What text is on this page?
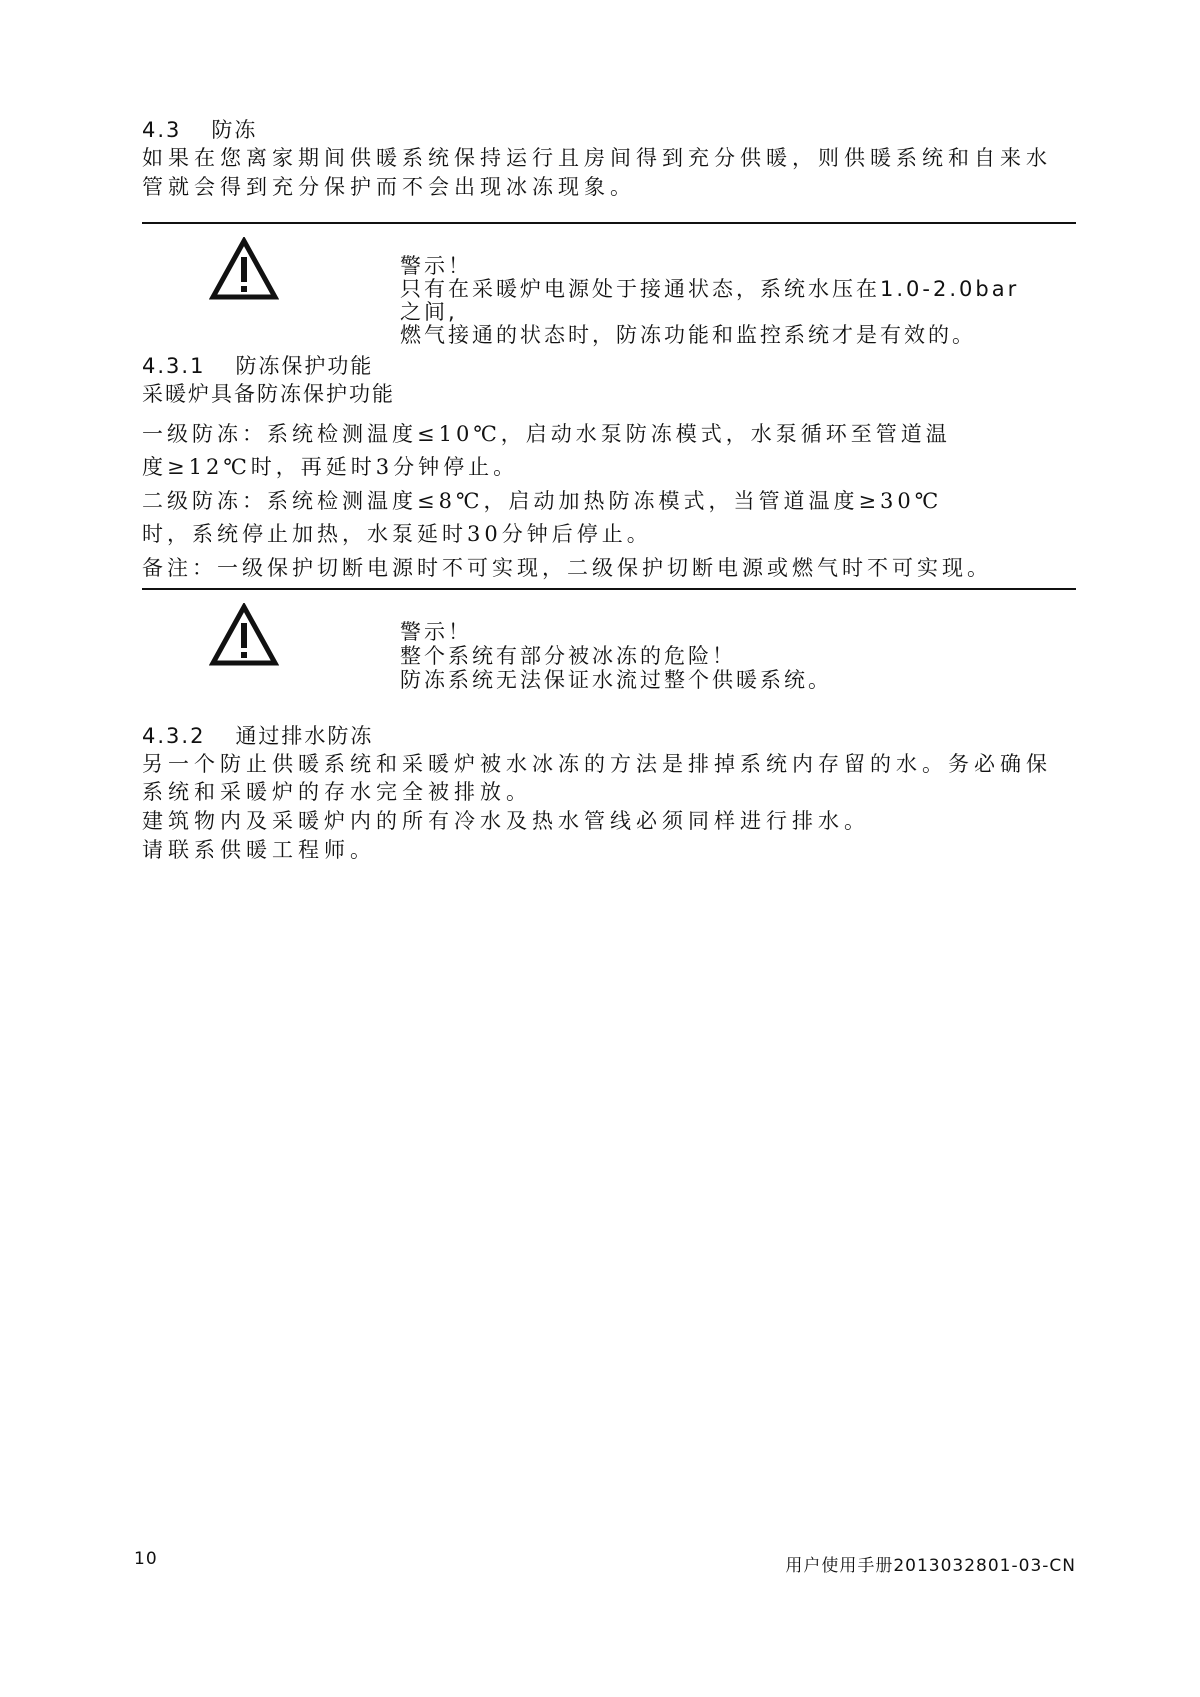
4.3 防冻
如果在您离家期间供暖系统保持运行且房间得到充分供暖，则供暖系统和自来水
管就会得到充分保护而不会出现冰冻现象。
警示！
只有在采暖炉电源处于接通状态，系统水压在1.0-2.0bar
之间,
燃气接通的状态时，防冻功能和监控系统才是有效的。
4.3.1 防冻保护功能
采暖炉具备防冻保护功能
一级防冻：系统检测温度≤10℃，启动水泵防冻模式，水泵循环至管道温
度≥12℃时，再延时3分钟停止。
二级防冻：系统检测温度≤8℃，启动加热防冻模式，当管道温度≥30℃
时，系统停止加热，水泵延时30分钟后停止。
备注：一级保护切断电源时不可实现，二级保护切断电源或燃气时不可实现。
警示！
整个系统有部分被冰冻的危险！
防冻系统无法保证水流过整个供暖系统。
4.3.2 通过排水防冻
另一个防止供暖系统和采暖炉被水冰冻的方法是排掉系统内存留的水。务必确保
系统和采暖炉的存水完全被排放。
建筑物内及采暖炉内的所有冷水及热水管线必须同样进行排水。
请联系供暖工程师。
10	用户使用手册2013032801-03-CN
